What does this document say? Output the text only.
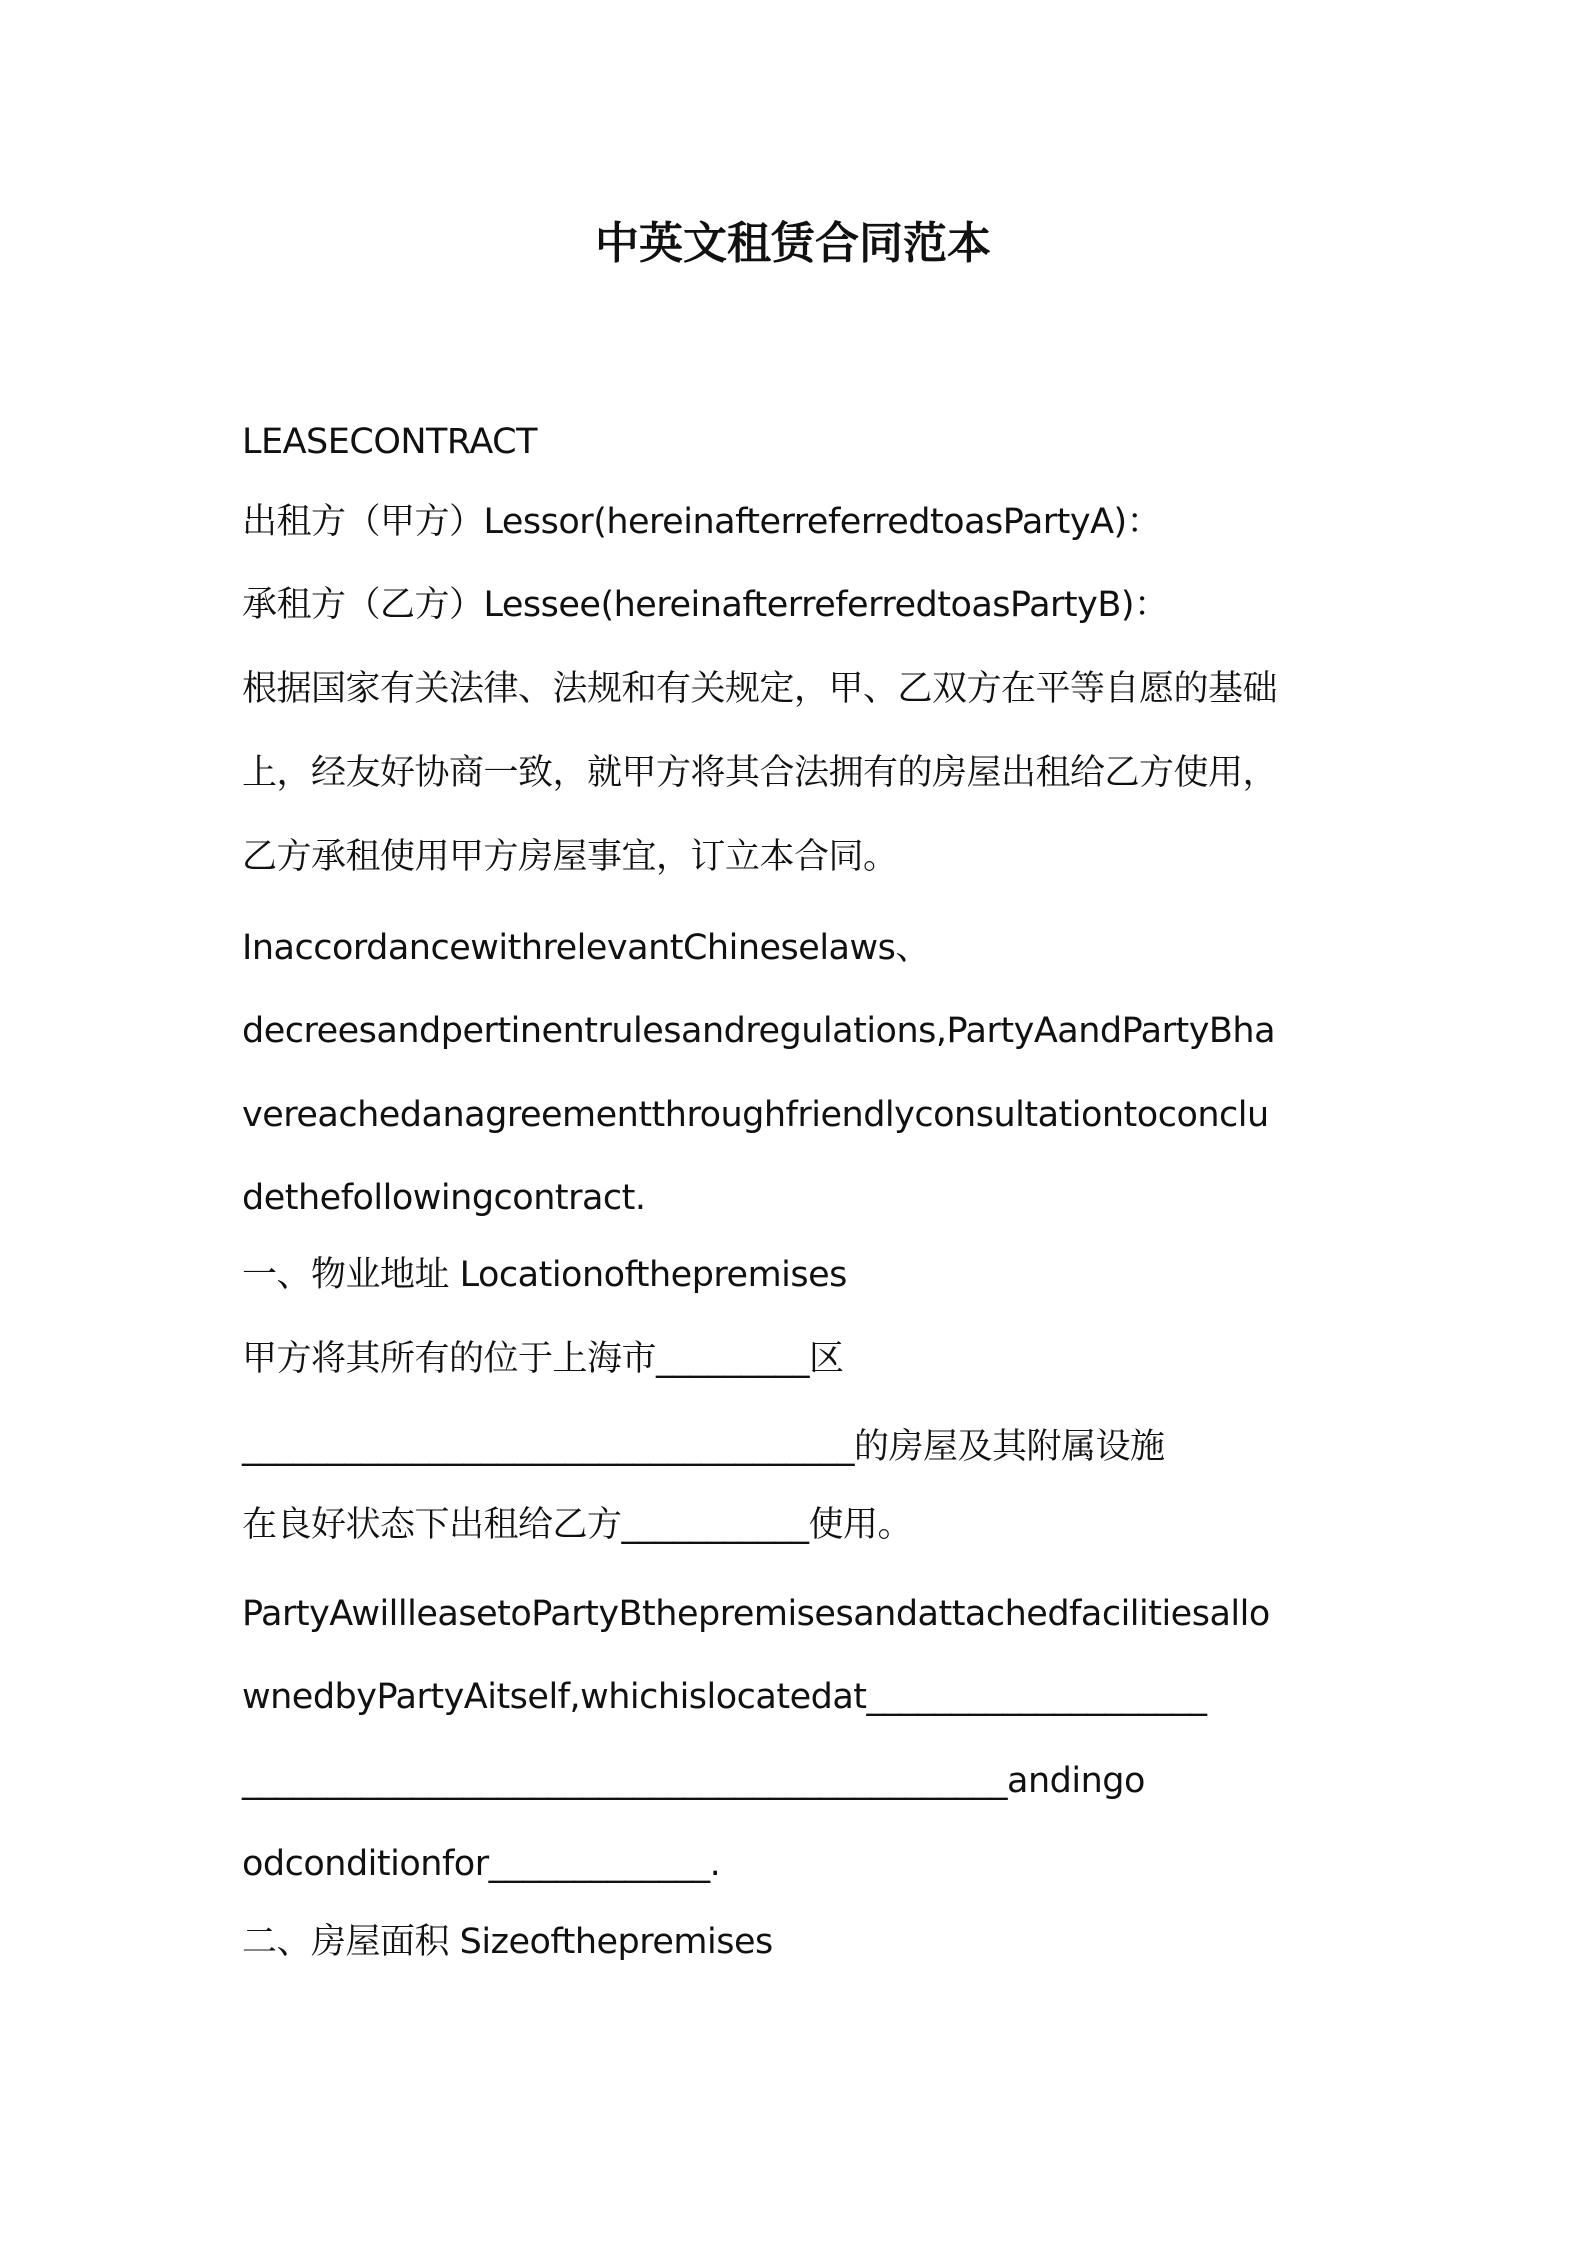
中英文租赁合同范本
LEASECONTRACT
出租方（甲方）Lessor(hereinafterreferredtoasPartyA)：
承租方（乙方）Lessee(hereinafterreferredtoasPartyB)：
根据国家有关法律、法规和有关规定，甲、乙双方在平等自愿的基础
上，经友好协商一致，就甲方将其合法拥有的房屋出租给乙方使用，
乙方承租使用甲方房屋事宜，订立本合同。
InaccordancewithrelevantChineselaws、
decreesandpertinentrulesandregulations,PartyAandPartyBha
vereachedanagreementthroughfriendlyconsultationtoconclu
dethefollowingcontract.
一、物业地址 Locationofthepremises
甲方将其所有的位于上海市_________区
____________________________________的房屋及其附属设施
在良好状态下出租给乙方___________使用。
PartyAwillleasetoPartyBthepremisesandattachedfacilitiesallo
wnedbyPartyAitself,whichislocatedat____________________
_____________________________________________andingo
odconditionfor_____________.
二、房屋面积 Sizeofthepremises
